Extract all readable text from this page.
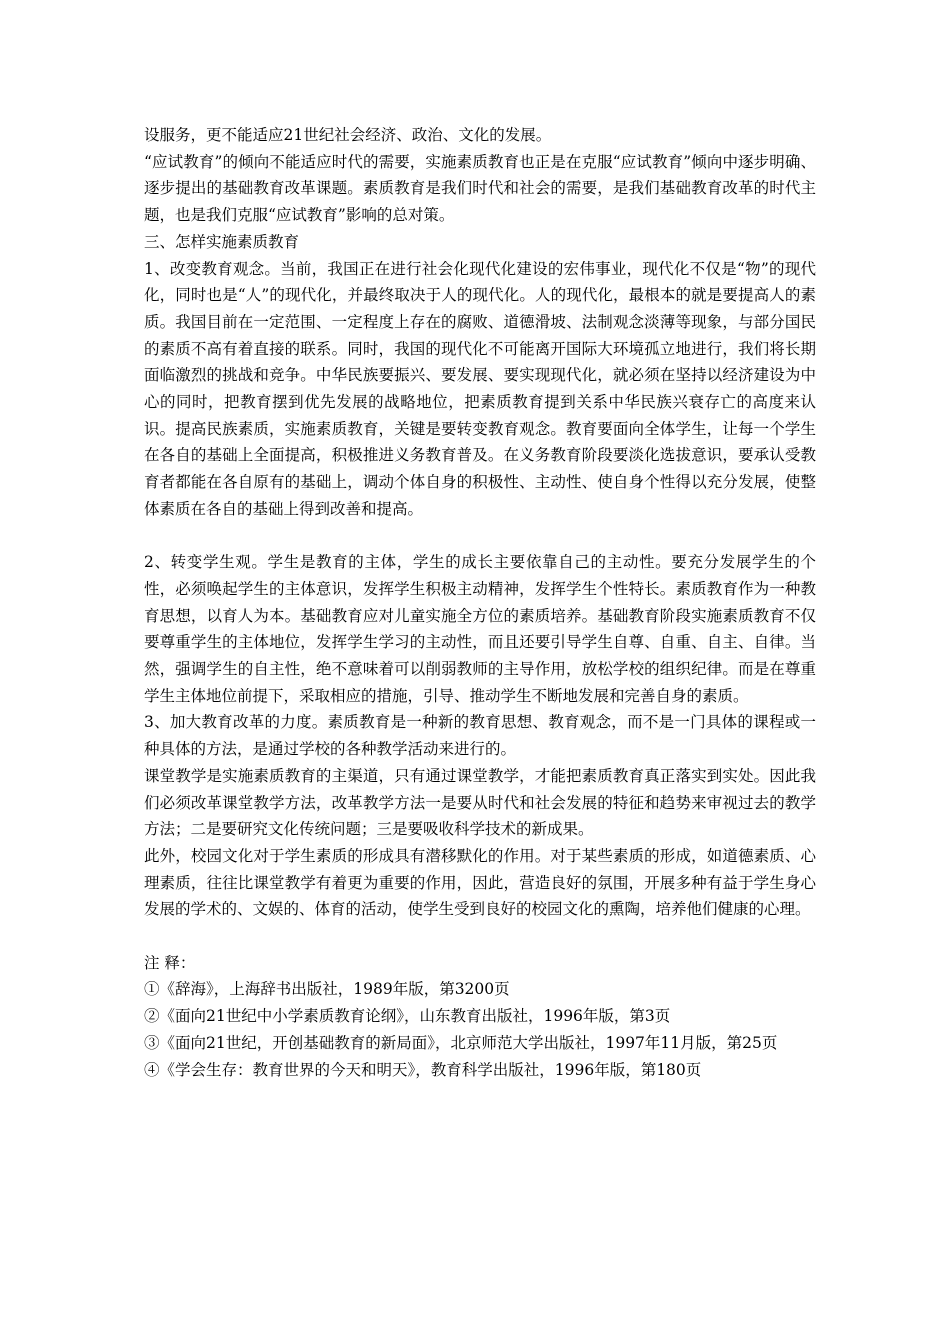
设服务，更不能适应21世纪社会经济、政治、文化的发展。

“应试教育”的倾向不能适应时代的需要，实施素质教育也正是在克服“应试教育”倾向中逐步明确、逐步提出的基础教育改革课题。素质教育是我们时代和社会的需要，是我们基础教育改革的时代主题，也是我们克服“应试教育”影响的总对策。

三、怎样实施素质教育

1、改变教育观念。当前，我国正在进行社会化现代化建设的宏伟事业，现代化不仅是“物”的现代化，同时也是“人”的现代化，并最终取决于人的现代化。人的现代化，最根本的就是要提高人的素质。我国目前在一定范围、一定程度上存在的腐败、道德滑坡、法制观念淡薄等现象，与部分国民的素质不高有着直接的联系。同时，我国的现代化不可能离开国际大环境孤立地进行，我们将长期面临激烈的挑战和竞争。中华民族要振兴、要发展、要实现现代化，就必须在坚持以经济建设为中心的同时，把教育摆到优先发展的战略地位，把素质教育提到关系中华民族兴衰存亡的高度来认识。提高民族素质，实施素质教育，关键是要转变教育观念。教育要面向全体学生，让每一个学生在各自的基础上全面提高，积极推进义务教育普及。在义务教育阶段要淡化选拔意识，要承认受教育者都能在各自原有的基础上，调动个体自身的积极性、主动性、使自身个性得以充分发展，使整体素质在各自的基础上得到改善和提高。

2、转变学生观。学生是教育的主体，学生的成长主要依靠自己的主动性。要充分发展学生的个性，必须唤起学生的主体意识，发挥学生积极主动精神，发挥学生个性特长。素质教育作为一种教育思想，以育人为本。基础教育应对儿童实施全方位的素质培养。基础教育阶段实施素质教育不仅要尊重学生的主体地位，发挥学生学习的主动性，而且还要引导学生自尊、自重、自主、自律。当然，强调学生的自主性，绝不意味着可以削弱教师的主导作用，放松学校的组织纪律。而是在尊重学生主体地位前提下，采取相应的措施，引导、推动学生不断地发展和完善自身的素质。

3、加大教育改革的力度。素质教育是一种新的教育思想、教育观念，而不是一门具体的课程或一种具体的方法，是通过学校的各种教学活动来进行的。

课堂教学是实施素质教育的主渠道，只有通过课堂教学，才能把素质教育真正落实到实处。因此我们必须改革课堂教学方法，改革教学方法一是要从时代和社会发展的特征和趋势来审视过去的教学方法；二是要研究文化传统问题；三是要吸收科学技术的新成果。

此外，校园文化对于学生素质的形成具有潜移默化的作用。对于某些素质的形成，如道德素质、心理素质，往往比课堂教学有着更为重要的作用，因此，营造良好的氛围，开展多种有益于学生身心发展的学术的、文娱的、体育的活动，使学生受到良好的校园文化的熏陶，培养他们健康的心理。

注 释：

①《辞海》，上海辞书出版社，1989年版，第3200页

②《面向21世纪中小学素质教育论纲》，山东教育出版社，1996年版，第3页

③《面向21世纪，开创基础教育的新局面》，北京师范大学出版社，1997年11月版，第25页

④《学会生存：教育世界的今天和明天》，教育科学出版社，1996年版，第180页
